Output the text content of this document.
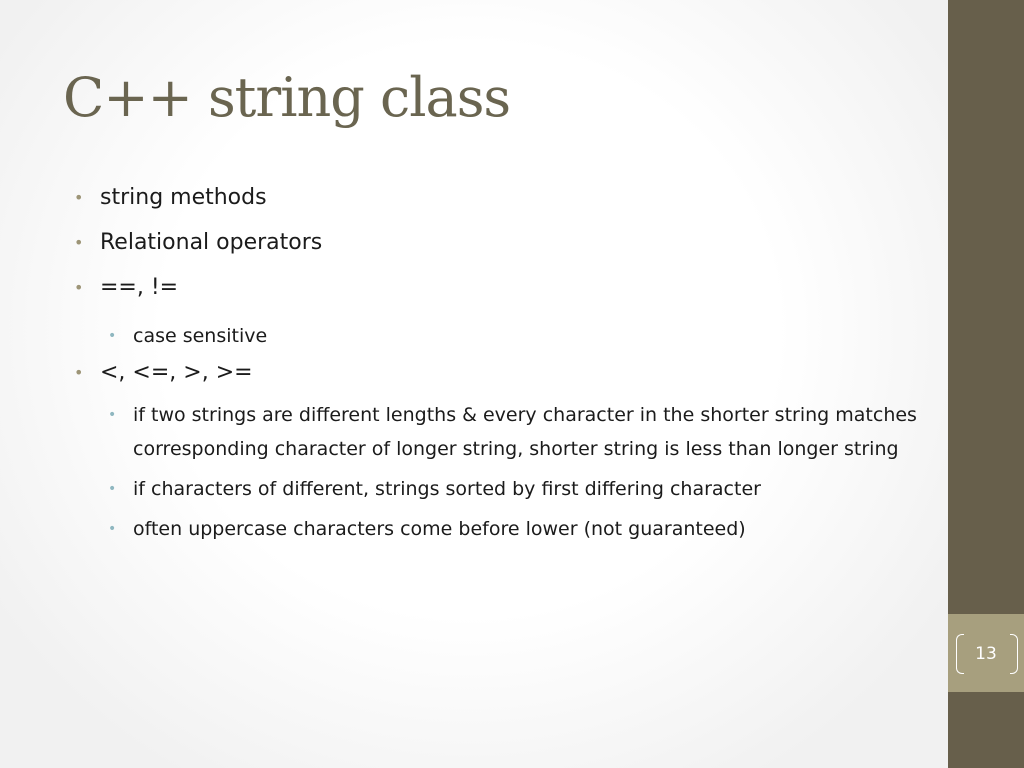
C++ string class
• string methods
• Relational operators
• ==, !=
• case sensitive
• <, <=, >, >=
• if two strings are different lengths & every character in the shorter string matches corresponding character of longer string, shorter string is less than longer string
• if characters of different, strings sorted by first differing character
• often uppercase characters come before lower (not guaranteed)
13
